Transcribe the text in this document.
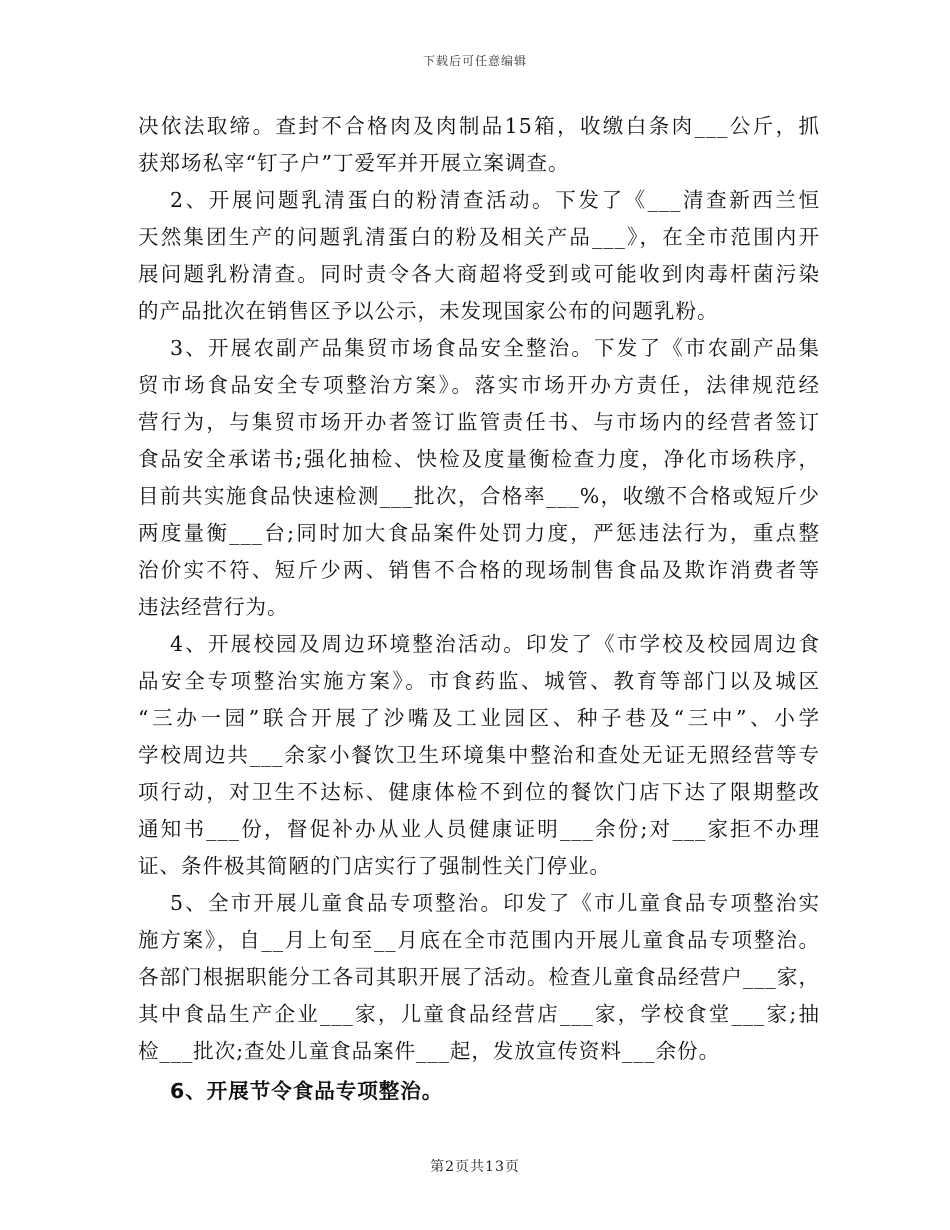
下载后可任意编辑
决依法取缔。查封不合格肉及肉制品15箱，收缴白条肉___公斤，抓
获郑场私宰“钉子户”丁爱军并开展立案调查。
2、开展问题乳清蛋白的粉清查活动。下发了《___清查新西兰恒
天然集团生产的问题乳清蛋白的粉及相关产品___》，在全市范围内开
展问题乳粉清查。同时责令各大商超将受到或可能收到肉毒杆菌污染
的产品批次在销售区予以公示，未发现国家公布的问题乳粉。
3、开展农副产品集贸市场食品安全整治。下发了《市农副产品集
贸市场食品安全专项整治方案》。落实市场开办方责任，法律规范经
营行为，与集贸市场开办者签订监管责任书、与市场内的经营者签订
食品安全承诺书;强化抽检、快检及度量衡检查力度，净化市场秩序，
目前共实施食品快速检测___批次，合格率___%，收缴不合格或短斤少
两度量衡___台;同时加大食品案件处罚力度，严惩违法行为，重点整
治价实不符、短斤少两、销售不合格的现场制售食品及欺诈消费者等
违法经营行为。
4、开展校园及周边环境整治活动。印发了《市学校及校园周边食
品安全专项整治实施方案》。市食药监、城管、教育等部门以及城区
“三办一园”联合开展了沙嘴及工业园区、种子巷及“三中”、小学
学校周边共___余家小餐饮卫生环境集中整治和查处无证无照经营等专
项行动，对卫生不达标、健康体检不到位的餐饮门店下达了限期整改
通知书___份，督促补办从业人员健康证明___余份;对___家拒不办理
证、条件极其简陋的门店实行了强制性关门停业。
5、全市开展儿童食品专项整治。印发了《市儿童食品专项整治实
施方案》，自__月上旬至__月底在全市范围内开展儿童食品专项整治。
各部门根据职能分工各司其职开展了活动。检查儿童食品经营户___家，
其中食品生产企业___家，儿童食品经营店___家，学校食堂___家;抽
检___批次;查处儿童食品案件___起，发放宣传资料___余份。
6、开展节令食品专项整治。
第2页共13页
